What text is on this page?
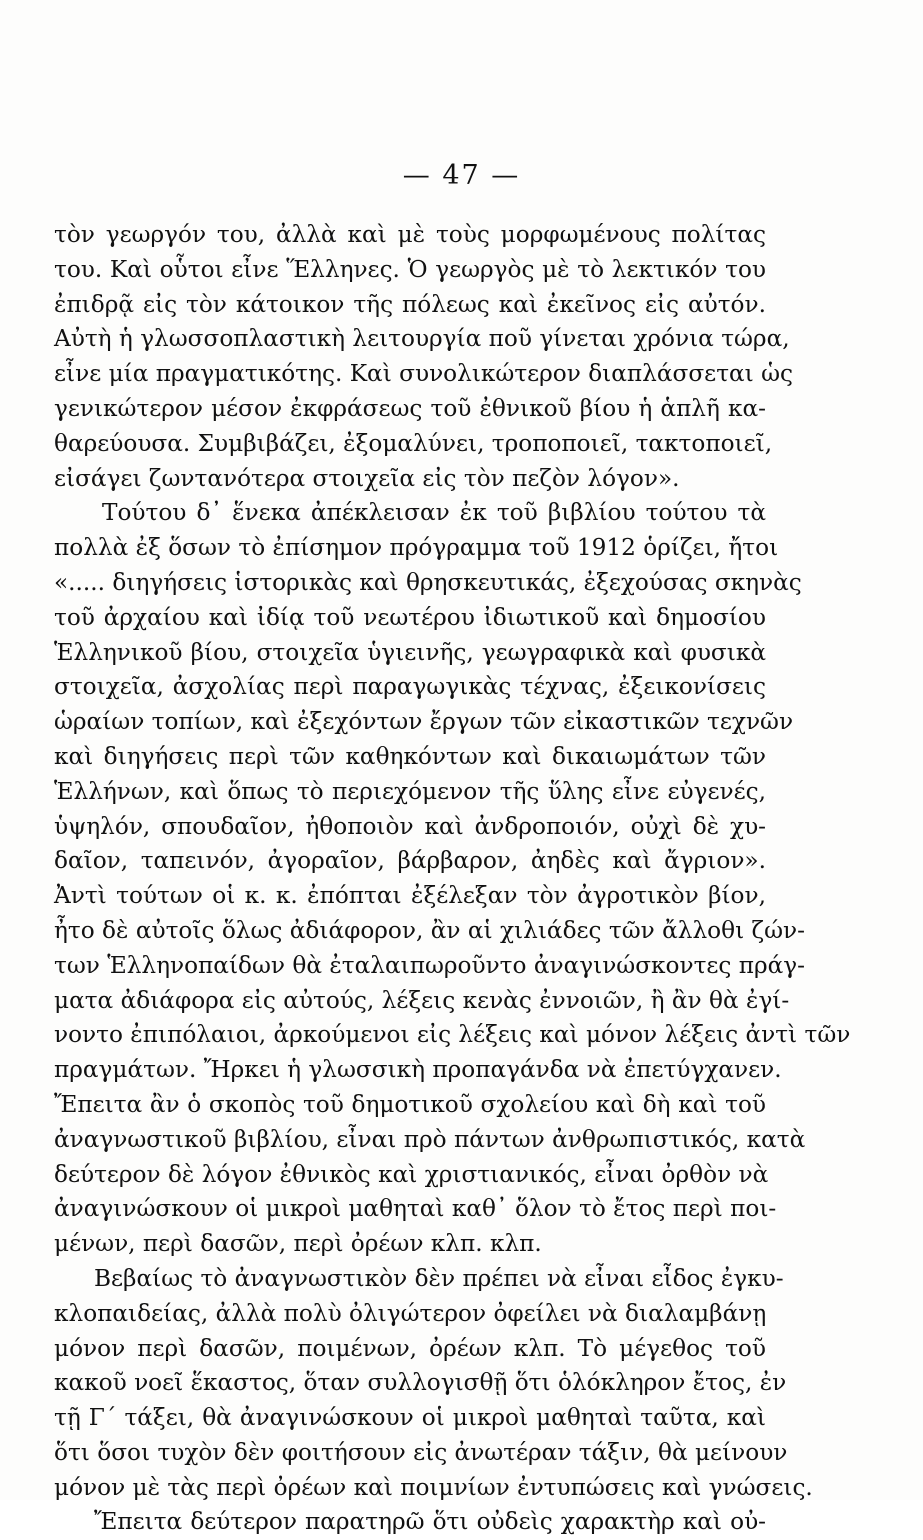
— 47 —
τὸν γεωργόν του, ἀλλὰ καὶ μὲ τοὺς μορφωμένους πολίτας
του. Καὶ οὗτοι εἶνε Ἕλληνες. Ὁ γεωργὸς μὲ τὸ λεκτικόν του
ἐπιδρᾷ εἰς τὸν κάτοικον τῆς πόλεως καὶ ἐκεῖνος εἰς αὐτόν.
Αὐτὴ ἡ γλωσσοπλαστικὴ λειτουργία ποῦ γίνεται χρόνια τώρα,
εἶνε μία πραγματικότης. Καὶ συνολικώτερον διαπλάσσεται ὡς
γενικώτερον μέσον ἐκφράσεως τοῦ ἐθνικοῦ βίου ἡ ἁπλῆ κα-
θαρεύουσα. Συμβιβάζει, ἐξομαλύνει, τροποποιεῖ, τακτοποιεῖ,
εἰσάγει ζωντανότερα στοιχεῖα εἰς τὸν πεζὸν λόγον».
Τούτου δ᾽ ἕνεκα ἀπέκλεισαν ἐκ τοῦ βιβλίου τούτου τὰ
πολλὰ ἐξ ὅσων τὸ ἐπίσημον πρόγραμμα τοῦ 1912 ὁρίζει, ἤτοι
«..... διηγήσεις ἱστορικὰς καὶ θρησκευτικάς, ἐξεχούσας σκηνὰς
τοῦ ἀρχαίου καὶ ἰδίᾳ τοῦ νεωτέρου ἰδιωτικοῦ καὶ δημοσίου
Ἑλληνικοῦ βίου, στοιχεῖα ὑγιεινῆς, γεωγραφικὰ καὶ φυσικὰ
στοιχεῖα, ἀσχολίας περὶ παραγωγικὰς τέχνας, ἐξεικονίσεις
ὡραίων τοπίων, καὶ ἐξεχόντων ἔργων τῶν εἰκαστικῶν τεχνῶν
καὶ διηγήσεις περὶ τῶν καθηκόντων καὶ δικαιωμάτων τῶν
Ἑλλήνων, καὶ ὅπως τὸ περιεχόμενον τῆς ὕλης εἶνε εὐγενές,
ὑψηλόν, σπουδαῖον, ἠθοποιὸν καὶ ἀνδροποιόν, οὐχὶ δὲ χυ-
δαῖον, ταπεινόν, ἀγοραῖον, βάρβαρον, ἀηδὲς καὶ ἄγριον».
Ἀντὶ τούτων οἱ κ. κ. ἐπόπται ἐξέλεξαν τὸν ἀγροτικὸν βίον,
ἦτο δὲ αὐτοῖς ὅλως ἀδιάφορον, ἂν αἱ χιλιάδες τῶν ἄλλοθι ζών-
των Ἑλληνοπαίδων θὰ ἐταλαιπωροῦντο ἀναγινώσκοντες πράγ-
ματα ἀδιάφορα εἰς αὐτούς, λέξεις κενὰς ἐννοιῶν, ἢ ἂν θὰ ἐγί-
νοντο ἐπιπόλαιοι, ἀρκούμενοι εἰς λέξεις καὶ μόνον λέξεις ἀντὶ τῶν
πραγμάτων. Ἤρκει ἡ γλωσσικὴ προπαγάνδα νὰ ἐπετύγχανεν.
Ἔπειτα ἂν ὁ σκοπὸς τοῦ δημοτικοῦ σχολείου καὶ δὴ καὶ τοῦ
ἀναγνωστικοῦ βιβλίου, εἶναι πρὸ πάντων ἀνθρωπιστικός, κατὰ
δεύτερον δὲ λόγον ἐθνικὸς καὶ χριστιανικός, εἶναι ὀρθὸν νὰ
ἀναγινώσκουν οἱ μικροὶ μαθηταὶ καθ᾽ ὅλον τὸ ἔτος περὶ ποι-
μένων, περὶ δασῶν, περὶ ὀρέων κλπ. κλπ.
Βεβαίως τὸ ἀναγνωστικὸν δὲν πρέπει νὰ εἶναι εἶδος ἐγκυ-
κλοπαιδείας, ἀλλὰ πολὺ ὀλιγώτερον ὀφείλει νὰ διαλαμβάνῃ
μόνον περὶ δασῶν, ποιμένων, ὀρέων κλπ. Τὸ μέγεθος τοῦ
κακοῦ νοεῖ ἕκαστος, ὅταν συλλογισθῇ ὅτι ὁλόκληρον ἔτος, ἐν
τῇ Γ΄ τάξει, θὰ ἀναγινώσκουν οἱ μικροὶ μαθηταὶ ταῦτα, καὶ
ὅτι ὅσοι τυχὸν δὲν φοιτήσουν εἰς ἀνωτέραν τάξιν, θὰ μείνουν
μόνον μὲ τὰς περὶ ὀρέων καὶ ποιμνίων ἐντυπώσεις καὶ γνώσεις.
Ἔπειτα δεύτερον παρατηρῶ ὅτι οὐδεὶς χαρακτὴρ καὶ οὐ-
